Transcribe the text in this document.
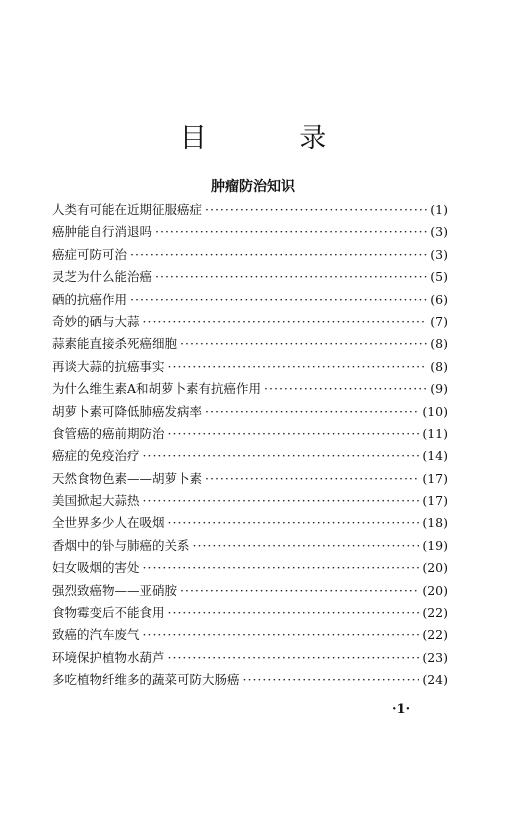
目 录
肿瘤防治知识
人类有可能在近期征服癌症 ·····	(1)
癌肿能自行消退吗 ·····	(3)
癌症可防可治 ·····	(3)
灵芝为什么能治癌 ·····	(5)
硒的抗癌作用 ·····	(6)
奇妙的硒与大蒜 ·····	(7)
蒜素能直接杀死癌细胞 ·····	(8)
再谈大蒜的抗癌事实 ·····	(8)
为什么维生素A和胡萝卜素有抗癌作用 ·····	(9)
胡萝卜素可降低肺癌发病率 ·····	(10)
食管癌的癌前期防治 ·····	(11)
癌症的免疫治疗 ·····	(14)
天然食物色素——胡萝卜素 ·····	(17)
美国掀起大蒜热 ·····	(17)
全世界多少人在吸烟 ·····	(18)
香烟中的钋与肺癌的关系 ·····	(19)
妇女吸烟的害处 ·····	(20)
强烈致癌物——亚硝胺 ·····	(20)
食物霉变后不能食用 ·····	(22)
致癌的汽车废气 ·····	(22)
环境保护植物水葫芦 ·····	(23)
多吃植物纤维多的蔬菜可防大肠癌 ·····	(24)
·1·
